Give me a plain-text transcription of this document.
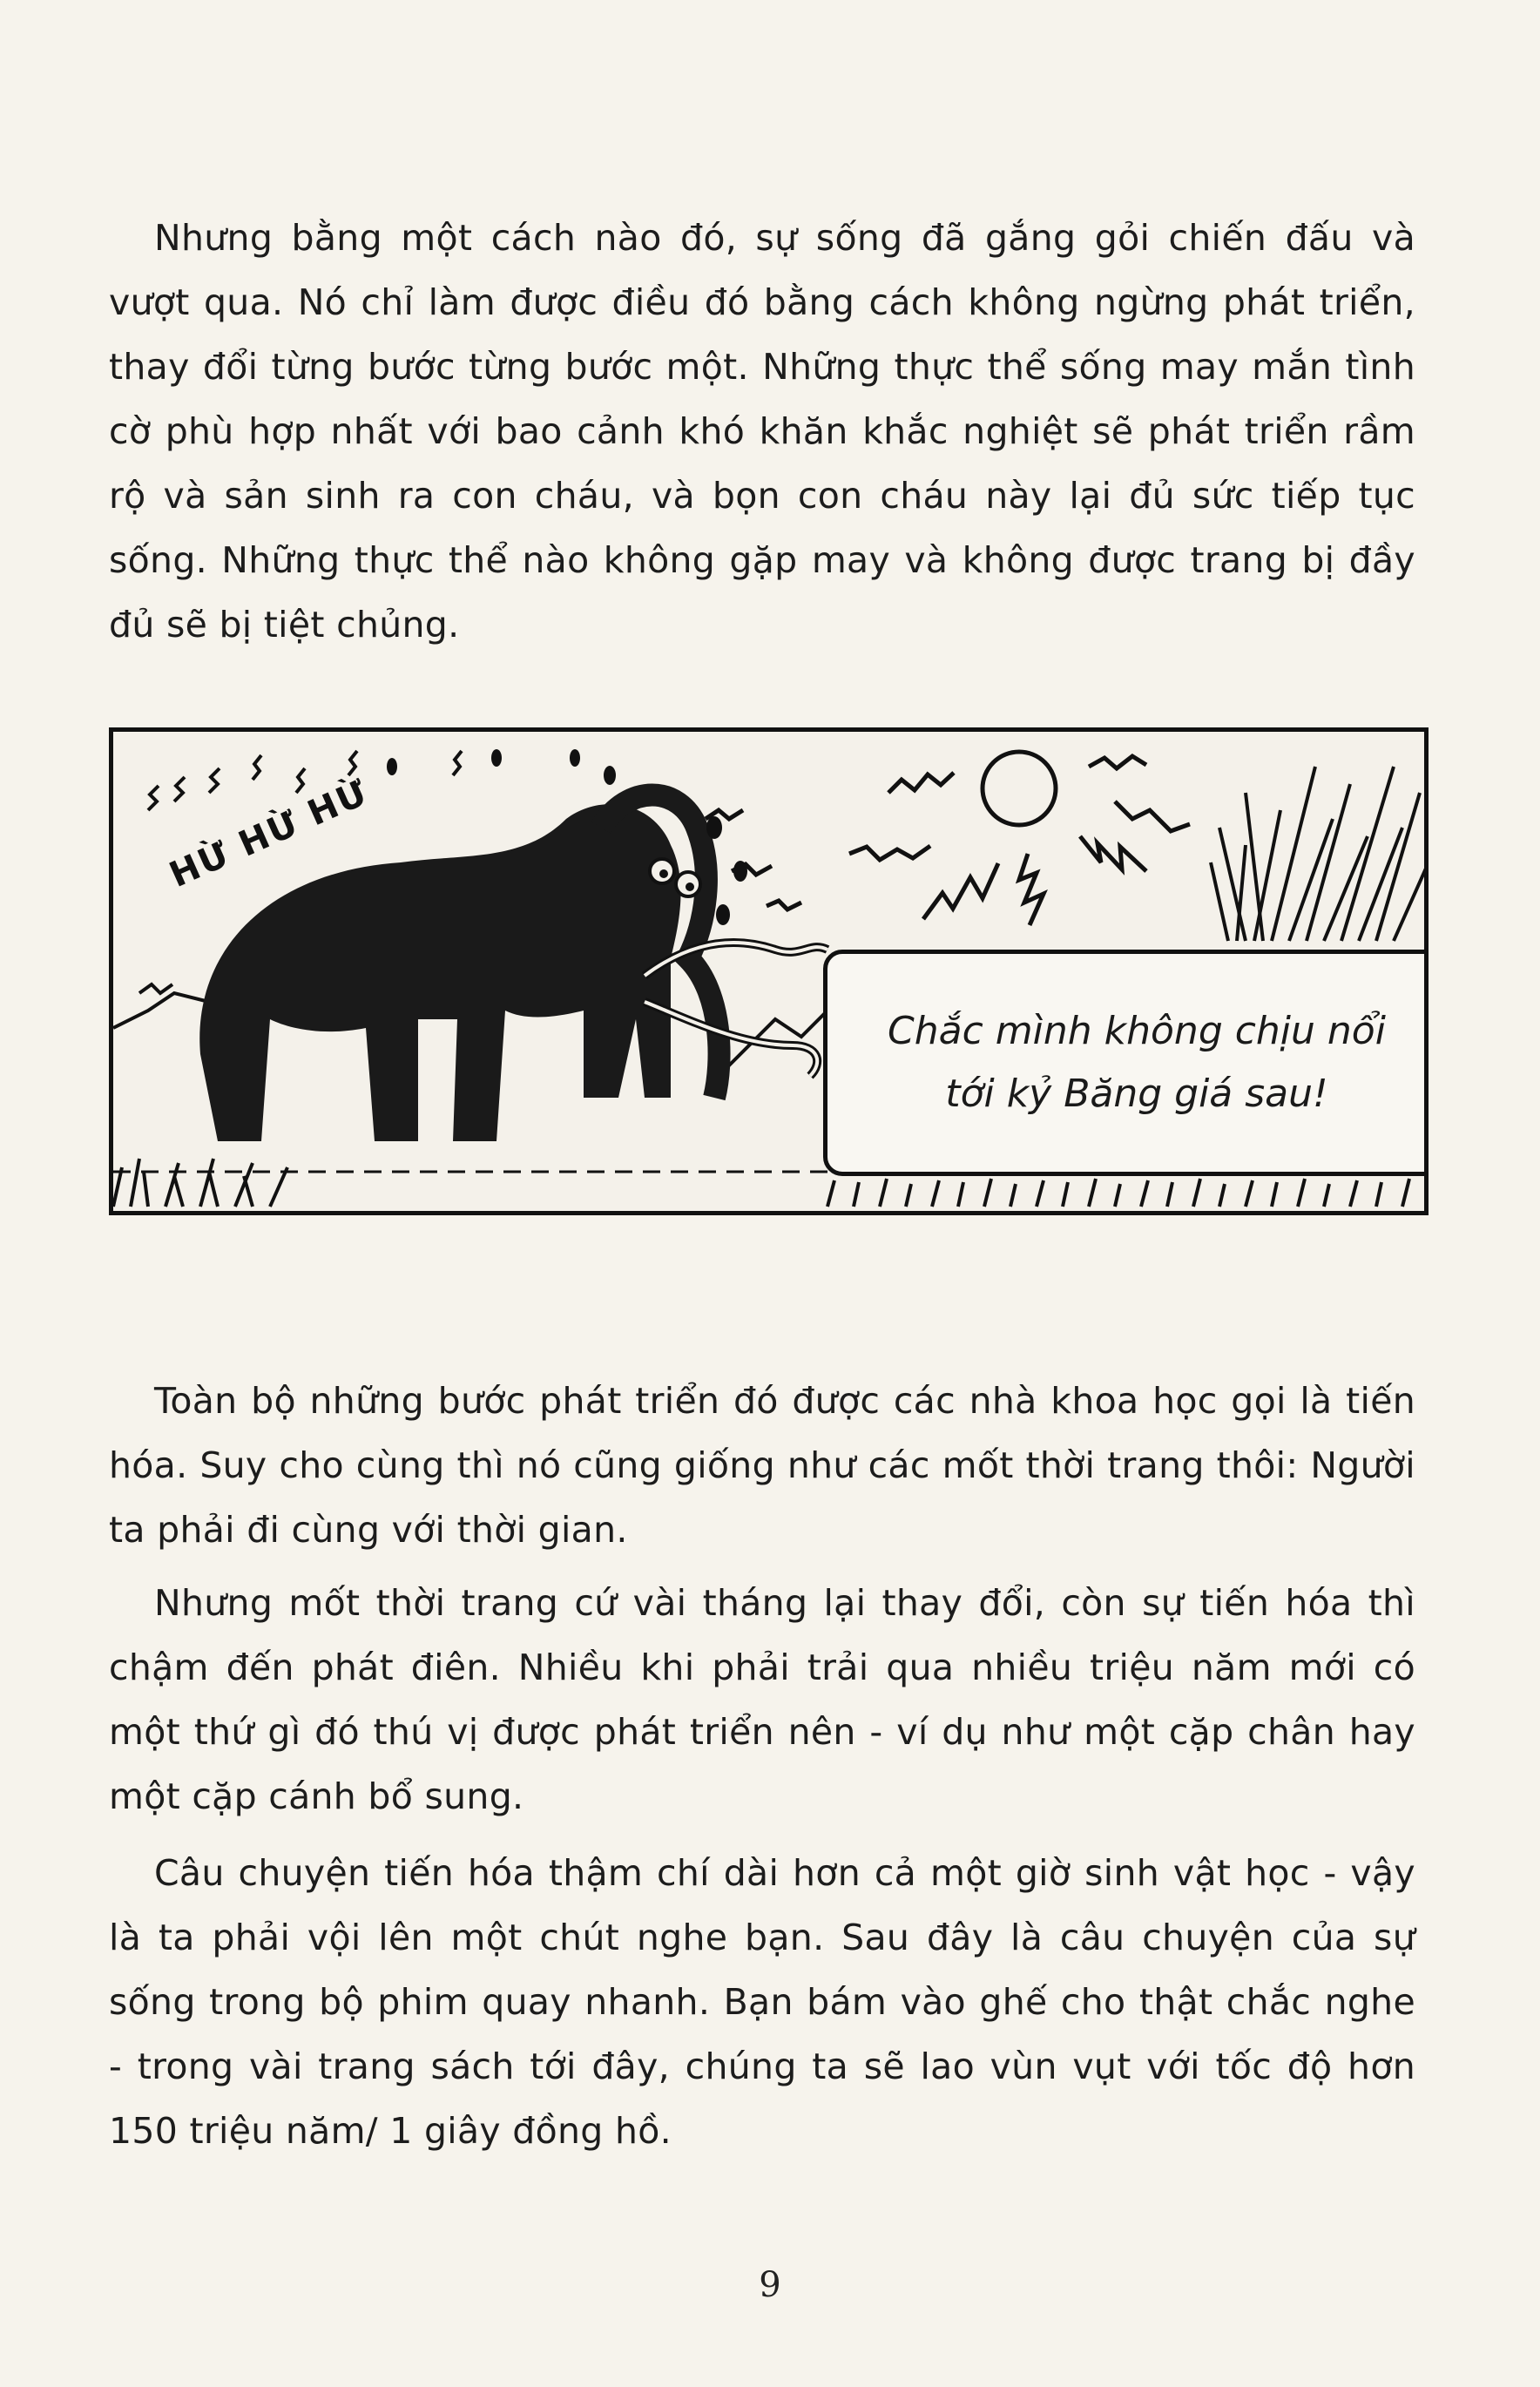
Nhưng bằng một cách nào đó, sự sống đã gắng gỏi chiến đấu và vượt qua. Nó chỉ làm được điều đó bằng cách không ngừng phát triển, thay đổi từng bước từng bước một. Những thực thể sống may mắn tình cờ phù hợp nhất với bao cảnh khó khăn khắc nghiệt sẽ phát triển rầm rộ và sản sinh ra con cháu, và bọn con cháu này lại đủ sức tiếp tục sống. Những thực thể nào không gặp may và không được trang bị đầy đủ sẽ bị tiệt chủng.

HỪ HỪ HỪ
Chắc mình không chịu nổi
tới kỷ Băng giá sau!

Toàn bộ những bước phát triển đó được các nhà khoa học gọi là tiến hóa. Suy cho cùng thì nó cũng giống như các mốt thời trang thôi: Người ta phải đi cùng với thời gian.

Nhưng mốt thời trang cứ vài tháng lại thay đổi, còn sự tiến hóa thì chậm đến phát điên. Nhiều khi phải trải qua nhiều triệu năm mới có một thứ gì đó thú vị được phát triển nên - ví dụ như một cặp chân hay một cặp cánh bổ sung.

Câu chuyện tiến hóa thậm chí dài hơn cả một giờ sinh vật học - vậy là ta phải vội lên một chút nghe bạn. Sau đây là câu chuyện của sự sống trong bộ phim quay nhanh. Bạn bám vào ghế cho thật chắc nghe - trong vài trang sách tới đây, chúng ta sẽ lao vùn vụt với tốc độ hơn 150 triệu năm/ 1 giây đồng hồ.

9
